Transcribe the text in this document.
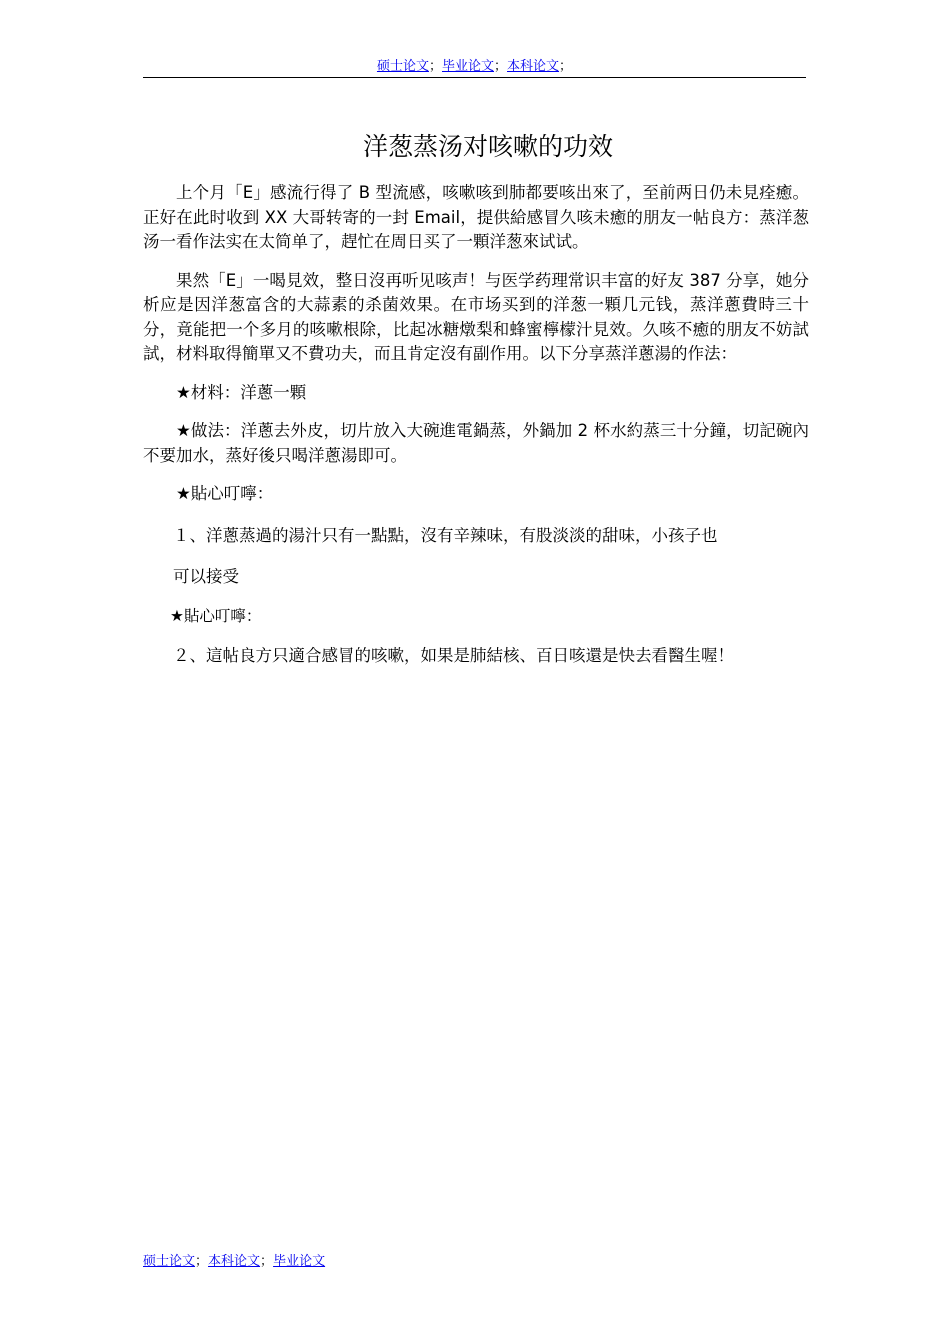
硕士论文；毕业论文；本科论文；
洋葱蒸汤对咳嗽的功效

上个月「E」感流行得了 B 型流感，咳嗽咳到肺都要咳出來了，至前两日仍未見痊癒。正好在此时收到 XX 大哥转寄的一封 Email，提供給感冒久咳未癒的朋友一帖良方：蒸洋葱汤一看作法实在太简单了，趕忙在周日买了一顆洋葱來试试。

果然「E」一喝見效，整日沒再听见咳声！与医学药理常识丰富的好友 387 分享，她分析应是因洋葱富含的大蒜素的杀菌效果。在市场买到的洋葱一顆几元钱，蒸洋蔥費時三十分，竟能把一个多月的咳嗽根除，比起冰糖燉梨和蜂蜜檸檬汁見效。久咳不癒的朋友不妨試試，材料取得簡單又不費功夫，而且肯定沒有副作用。以下分享蒸洋蔥湯的作法：

★材料：洋蔥一顆

★做法：洋蔥去外皮，切片放入大碗進電鍋蒸，外鍋加 2 杯水約蒸三十分鐘，切記碗內不要加水，蒸好後只喝洋蔥湯即可。

★貼心叮嚀：

１、洋蔥蒸過的湯汁只有一點點，沒有辛辣味，有股淡淡的甜味，小孩子也

可以接受

★貼心叮嚀：

２、這帖良方只適合感冒的咳嗽，如果是肺結核、百日咳還是快去看醫生喔！

硕士论文；本科论文；毕业论文
